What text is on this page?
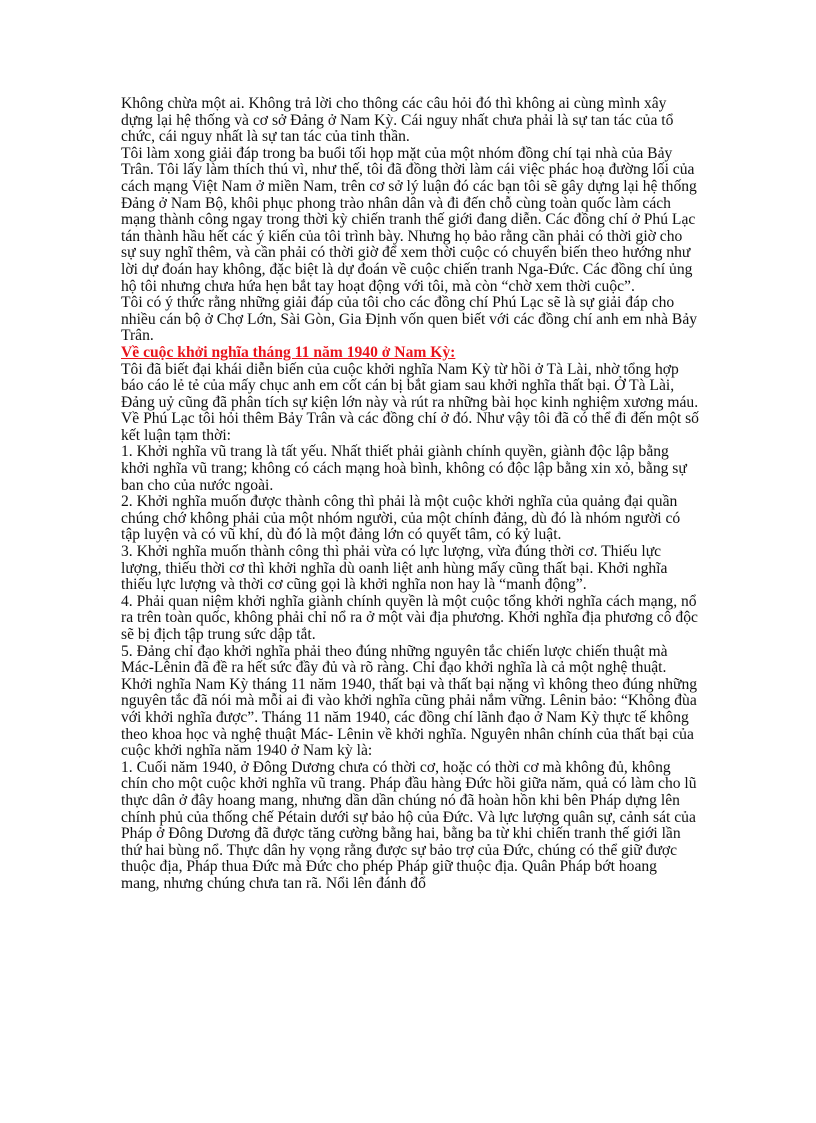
Không chừa một ai. Không trả lời cho thông các câu hỏi đó thì không ai cùng mình xây dựng lại hệ thống và cơ sở Đảng ở Nam Kỳ. Cái nguy nhất chưa phải là sự tan tác của tổ chức, cái nguy nhất là sự tan tác của tinh thần.

Tôi làm xong giải đáp trong ba buổi tối họp mặt của một nhóm đồng chí tại nhà của Bảy Trân. Tôi lấy làm thích thú vì, như thế, tôi đã đồng thời làm cái việc phác hoạ đường lối của cách mạng Việt Nam ở miền Nam, trên cơ sở lý luận đó các bạn tôi sẽ gây dựng lại hệ thống Đảng ở Nam Bộ, khôi phục phong trào nhân dân và đi đến chỗ cùng toàn quốc làm cách mạng thành công ngay trong thời kỳ chiến tranh thế giới đang diễn. Các đồng chí ở Phú Lạc tán thành hầu hết các ý kiến của tôi trình bày. Nhưng họ bảo rằng cần phải có thời giờ cho sự suy nghĩ thêm, và cần phải có thời giờ để xem thời cuộc có chuyển biến theo hướng như lời dự đoán hay không, đặc biệt là dự đoán về cuộc chiến tranh Nga-Đức. Các đồng chí ủng hộ tôi nhưng chưa hứa hẹn bắt tay hoạt động với tôi, mà còn “chờ xem thời cuộc”.

Tôi có ý thức rằng những giải đáp của tôi cho các đồng chí Phú Lạc sẽ là sự giải đáp cho nhiều cán bộ ở Chợ Lớn, Sài Gòn, Gia Định vốn quen biết với các đồng chí anh em nhà Bảy Trân.

Về cuộc khởi nghĩa tháng 11 năm 1940 ở Nam Kỳ:

Tôi đã biết đại khái diễn biến của cuộc khởi nghĩa Nam Kỳ từ hồi ở Tà Lài, nhờ tổng hợp báo cáo lẻ tẻ của mấy chục anh em cốt cán bị bắt giam sau khởi nghĩa thất bại. Ở Tà Lài, Đảng uỷ cũng đã phân tích sự kiện lớn này và rút ra những bài học kinh nghiệm xương máu. Về Phú Lạc tôi hỏi thêm Bảy Trân và các đồng chí ở đó. Như vậy tôi đã có thể đi đến một số kết luận tạm thời:

1. Khởi nghĩa vũ trang là tất yếu. Nhất thiết phải giành chính quyền, giành độc lập bằng khởi nghĩa vũ trang; không có cách mạng hoà bình, không có độc lập bằng xin xỏ, bằng sự ban cho của nước ngoài.

2. Khởi nghĩa muốn được thành công thì phải là một cuộc khởi nghĩa của quảng đại quần chúng chớ không phải của một nhóm người, của một chính đảng, dù đó là nhóm người có tập luyện và có vũ khí, dù đó là một đảng lớn có quyết tâm, có kỷ luật.

3. Khởi nghĩa muốn thành công thì phải vừa có lực lượng, vừa đúng thời cơ. Thiếu lực lượng, thiếu thời cơ thì khởi nghĩa dù oanh liệt anh hùng mấy cũng thất bại. Khởi nghĩa thiếu lực lượng và thời cơ cũng gọi là khởi nghĩa non hay là “manh động”.

4. Phải quan niệm khởi nghĩa giành chính quyền là một cuộc tổng khởi nghĩa cách mạng, nổ ra trên toàn quốc, không phải chỉ nổ ra ở một vài địa phương. Khởi nghĩa địa phương cô độc sẽ bị địch tập trung sức dập tắt.

5. Đảng chỉ đạo khởi nghĩa phải theo đúng những nguyên tắc chiến lược chiến thuật mà Mác-Lênin đã đề ra hết sức đầy đủ và rõ ràng. Chỉ đạo khởi nghĩa là cả một nghệ thuật.

Khởi nghĩa Nam Kỳ tháng 11 năm 1940, thất bại và thất bại nặng vì không theo đúng những nguyên tắc đã nói mà mỗi ai đi vào khởi nghĩa cũng phải nắm vững. Lênin bảo: “Không đùa với khởi nghĩa được”. Tháng 11 năm 1940, các đồng chí lãnh đạo ở Nam Kỳ thực tế không theo khoa học và nghệ thuật Mác- Lênin về khởi nghĩa. Nguyên nhân chính của thất bại của cuộc khởi nghĩa năm 1940 ở Nam kỳ là:

1. Cuối năm 1940, ở Đông Dương chưa có thời cơ, hoặc có thời cơ mà không đủ, không chín cho một cuộc khởi nghĩa vũ trang. Pháp đầu hàng Đức hồi giữa năm, quả có làm cho lũ thực dân ở đây hoang mang, nhưng dần dần chúng nó đã hoàn hồn khi bên Pháp dựng lên chính phủ của thống chế Pétain dưới sự bảo hộ của Đức. Và lực lượng quân sự, cảnh sát của Pháp ở Đông Dương đã được tăng cường bằng hai, bằng ba từ khi chiến tranh thế giới lần thứ hai bùng nổ. Thực dân hy vọng rằng được sự bảo trợ của Đức, chúng có thể giữ được thuộc địa, Pháp thua Đức mà Đức cho phép Pháp giữ thuộc địa. Quân Pháp bớt hoang mang, nhưng chúng chưa tan rã. Nổi lên đánh đổ
